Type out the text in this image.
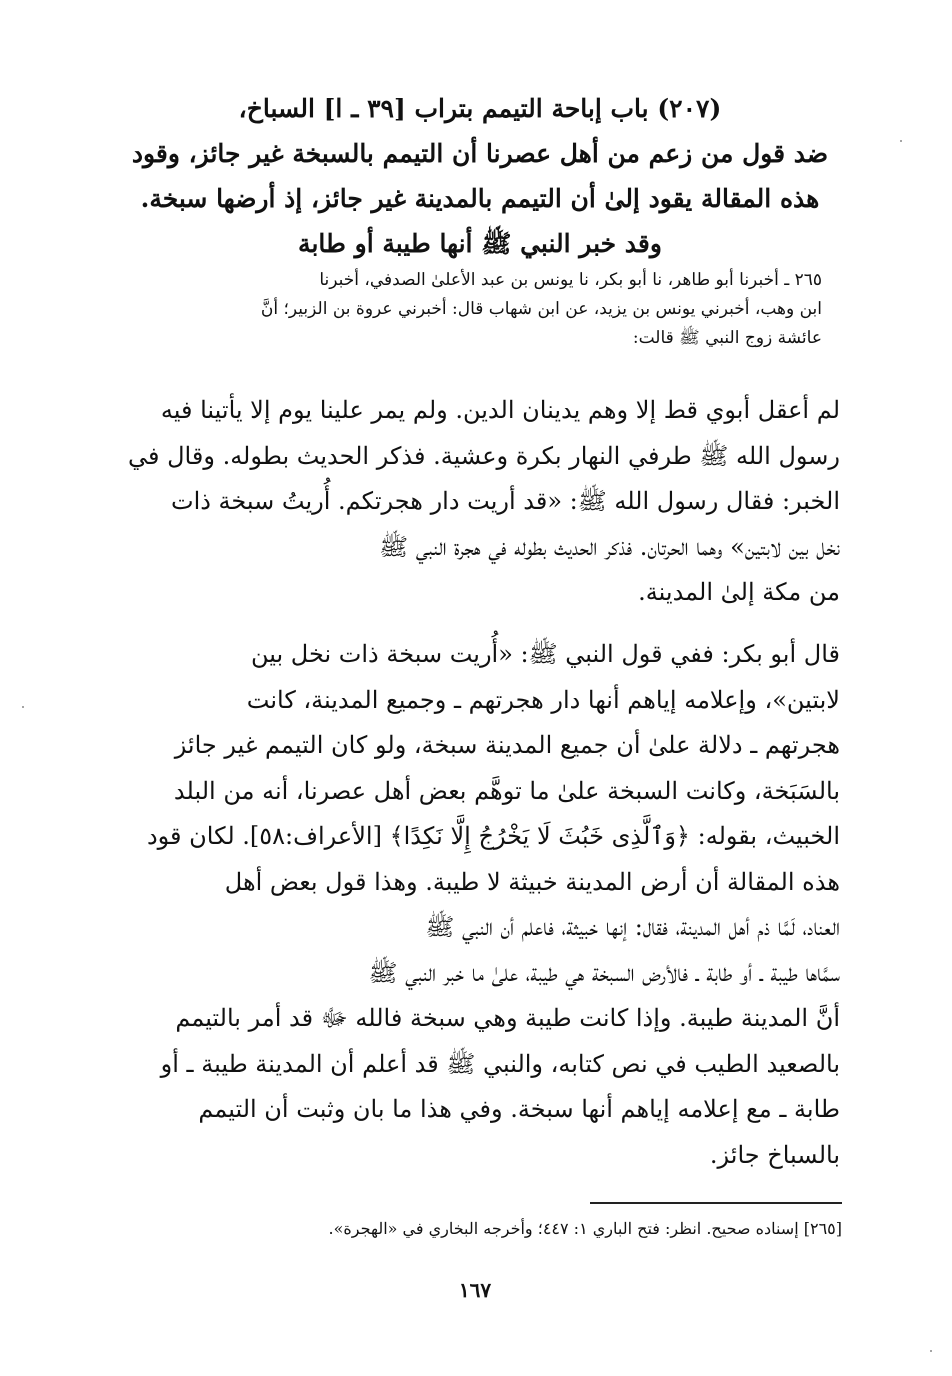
(٢٠٧) باب إباحة التيمم بتراب [٣٩ ـ ا] السباخ،
ضد قول من زعم من أهل عصرنا أن التيمم بالسبخة غير جائز، وقود
هذه المقالة يقود إلىٰ أن التيمم بالمدينة غير جائز، إذ أرضها سبخة.
وقد خبر النبي ﷺ أنها طيبة أو طابة
٢٦٥ ـ أخبرنا أبو طاهر، نا أبو بكر، نا يونس بن عبد الأعلىٰ الصدفي، أخبرنا
ابن وهب، أخبرني يونس بن يزيد، عن ابن شهاب قال: أخبرني عروة بن الزبير؛ أنَّ
عائشة زوج النبي ﷺ قالت:
لم أعقل أبوي قط إلا وهم يدينان الدين. ولم يمر علينا يوم إلا يأتينا فيه
رسول الله ﷺ طرفي النهار بكرة وعشية. فذكر الحديث بطوله. وقال في
الخبر: فقال رسول الله ﷺ: «قد أريت دار هجرتكم. أُريتُ سبخة ذات
نخل بين لابتين» وهما الحرتان. فذكر الحديث بطوله في هجرة النبي ﷺ
من مكة إلىٰ المدينة.
قال أبو بكر: ففي قول النبي ﷺ: «أُريت سبخة ذات نخل بين
لابتين»، وإعلامه إياهم أنها دار هجرتهم ـ وجميع المدينة، كانت
هجرتهم ـ دلالة علىٰ أن جميع المدينة سبخة، ولو كان التيمم غير جائز
بالسَبَخة، وكانت السبخة علىٰ ما توهَّم بعض أهل عصرنا، أنه من البلد
الخبيث، بقوله: ﴿وَٱلَّذِى خَبُثَ لَا يَخْرُجُ إِلَّا نَكِدًا﴾ [الأعراف:٥٨]. لكان قود
هذه المقالة أن أرض المدينة خبيثة لا طيبة. وهذا قول بعض أهل
العناد، لَمَّا ذم أهل المدينة، فقال: إنها خبيثة، فاعلم أن النبي ﷺ
سمَّاها طيبة ـ أو طابة ـ فالأرض السبخة هي طيبة، علىٰ ما خبر النبي ﷺ
أنَّ المدينة طيبة. وإذا كانت طيبة وهي سبخة فالله ﷻ قد أمر بالتيمم
بالصعيد الطيب في نص كتابه، والنبي ﷺ قد أعلم أن المدينة طيبة ـ أو
طابة ـ مع إعلامه إياهم أنها سبخة. وفي هذا ما بان وثبت أن التيمم
بالسباخ جائز.
[٢٦٥] إسناده صحيح. انظر: فتح الباري ١: ٤٤٧؛ وأخرجه البخاري في «الهجرة».
١٦٧
